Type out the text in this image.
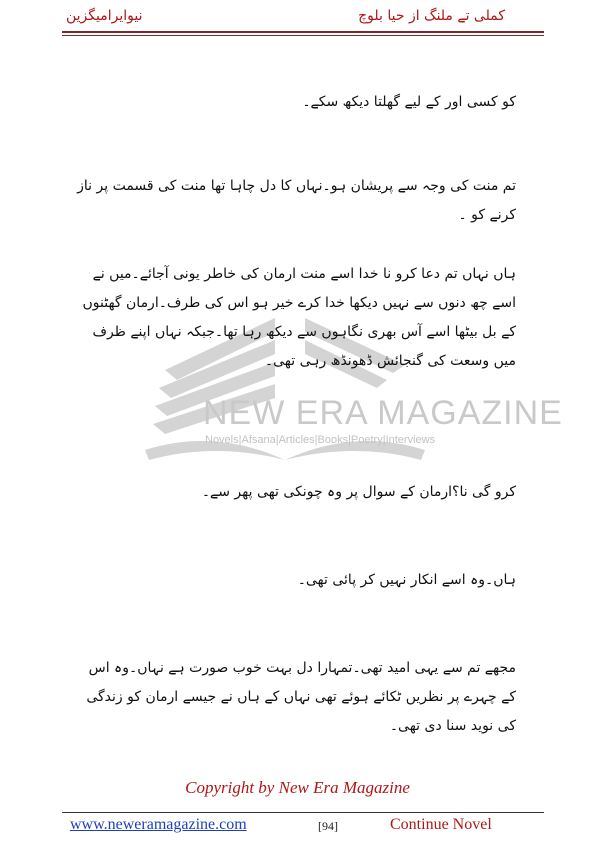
نیوایرامیگزین	کملی تے ملنگ از حیا بلوچ
NEW ERA MAGAZINE
Novels|Afsana|Articles|Books|Poetry|Interviews
کو کسی اور کے لیے گھلتا دیکھ سکے۔
تم منت کی وجہ سے پریشان ہو۔نہاں کا دل چاہا تھا منت کی قسمت پر ناز کرنے کو ۔
ہاں نہاں تم دعا کرو نا خدا اسے منت ارمان کی خاطر یونی آجائے۔میں نے اسے چھ دنوں سے نہیں دیکھا خدا کرے خیر ہو اس کی طرف۔ارمان گھٹنوں کے بل بیٹھا اسے آس بھری نگاہوں سے دیکھ رہا تھا۔جبکہ نہاں اپنے ظرف میں وسعت کی گنجائش ڈھونڈھ رہی تھی۔
کرو گی نا؟ارمان کے سوال پر وہ چونکی تھی پھر سے۔
ہاں۔وہ اسے انکار نہیں کر پائی تھی۔
مجھے تم سے یہی امید تھی۔تمہارا دل بہت خوب صورت ہے نہاں۔وہ اس کے چہرے پر نظریں ٹکائے ہوئے تھی نہاں کے ہاں نے جیسے ارمان کو زندگی کی نوید سنا دی تھی۔
Copyright by New Era Magazine
www.neweramagazine.com	[94]	Continue Novel
